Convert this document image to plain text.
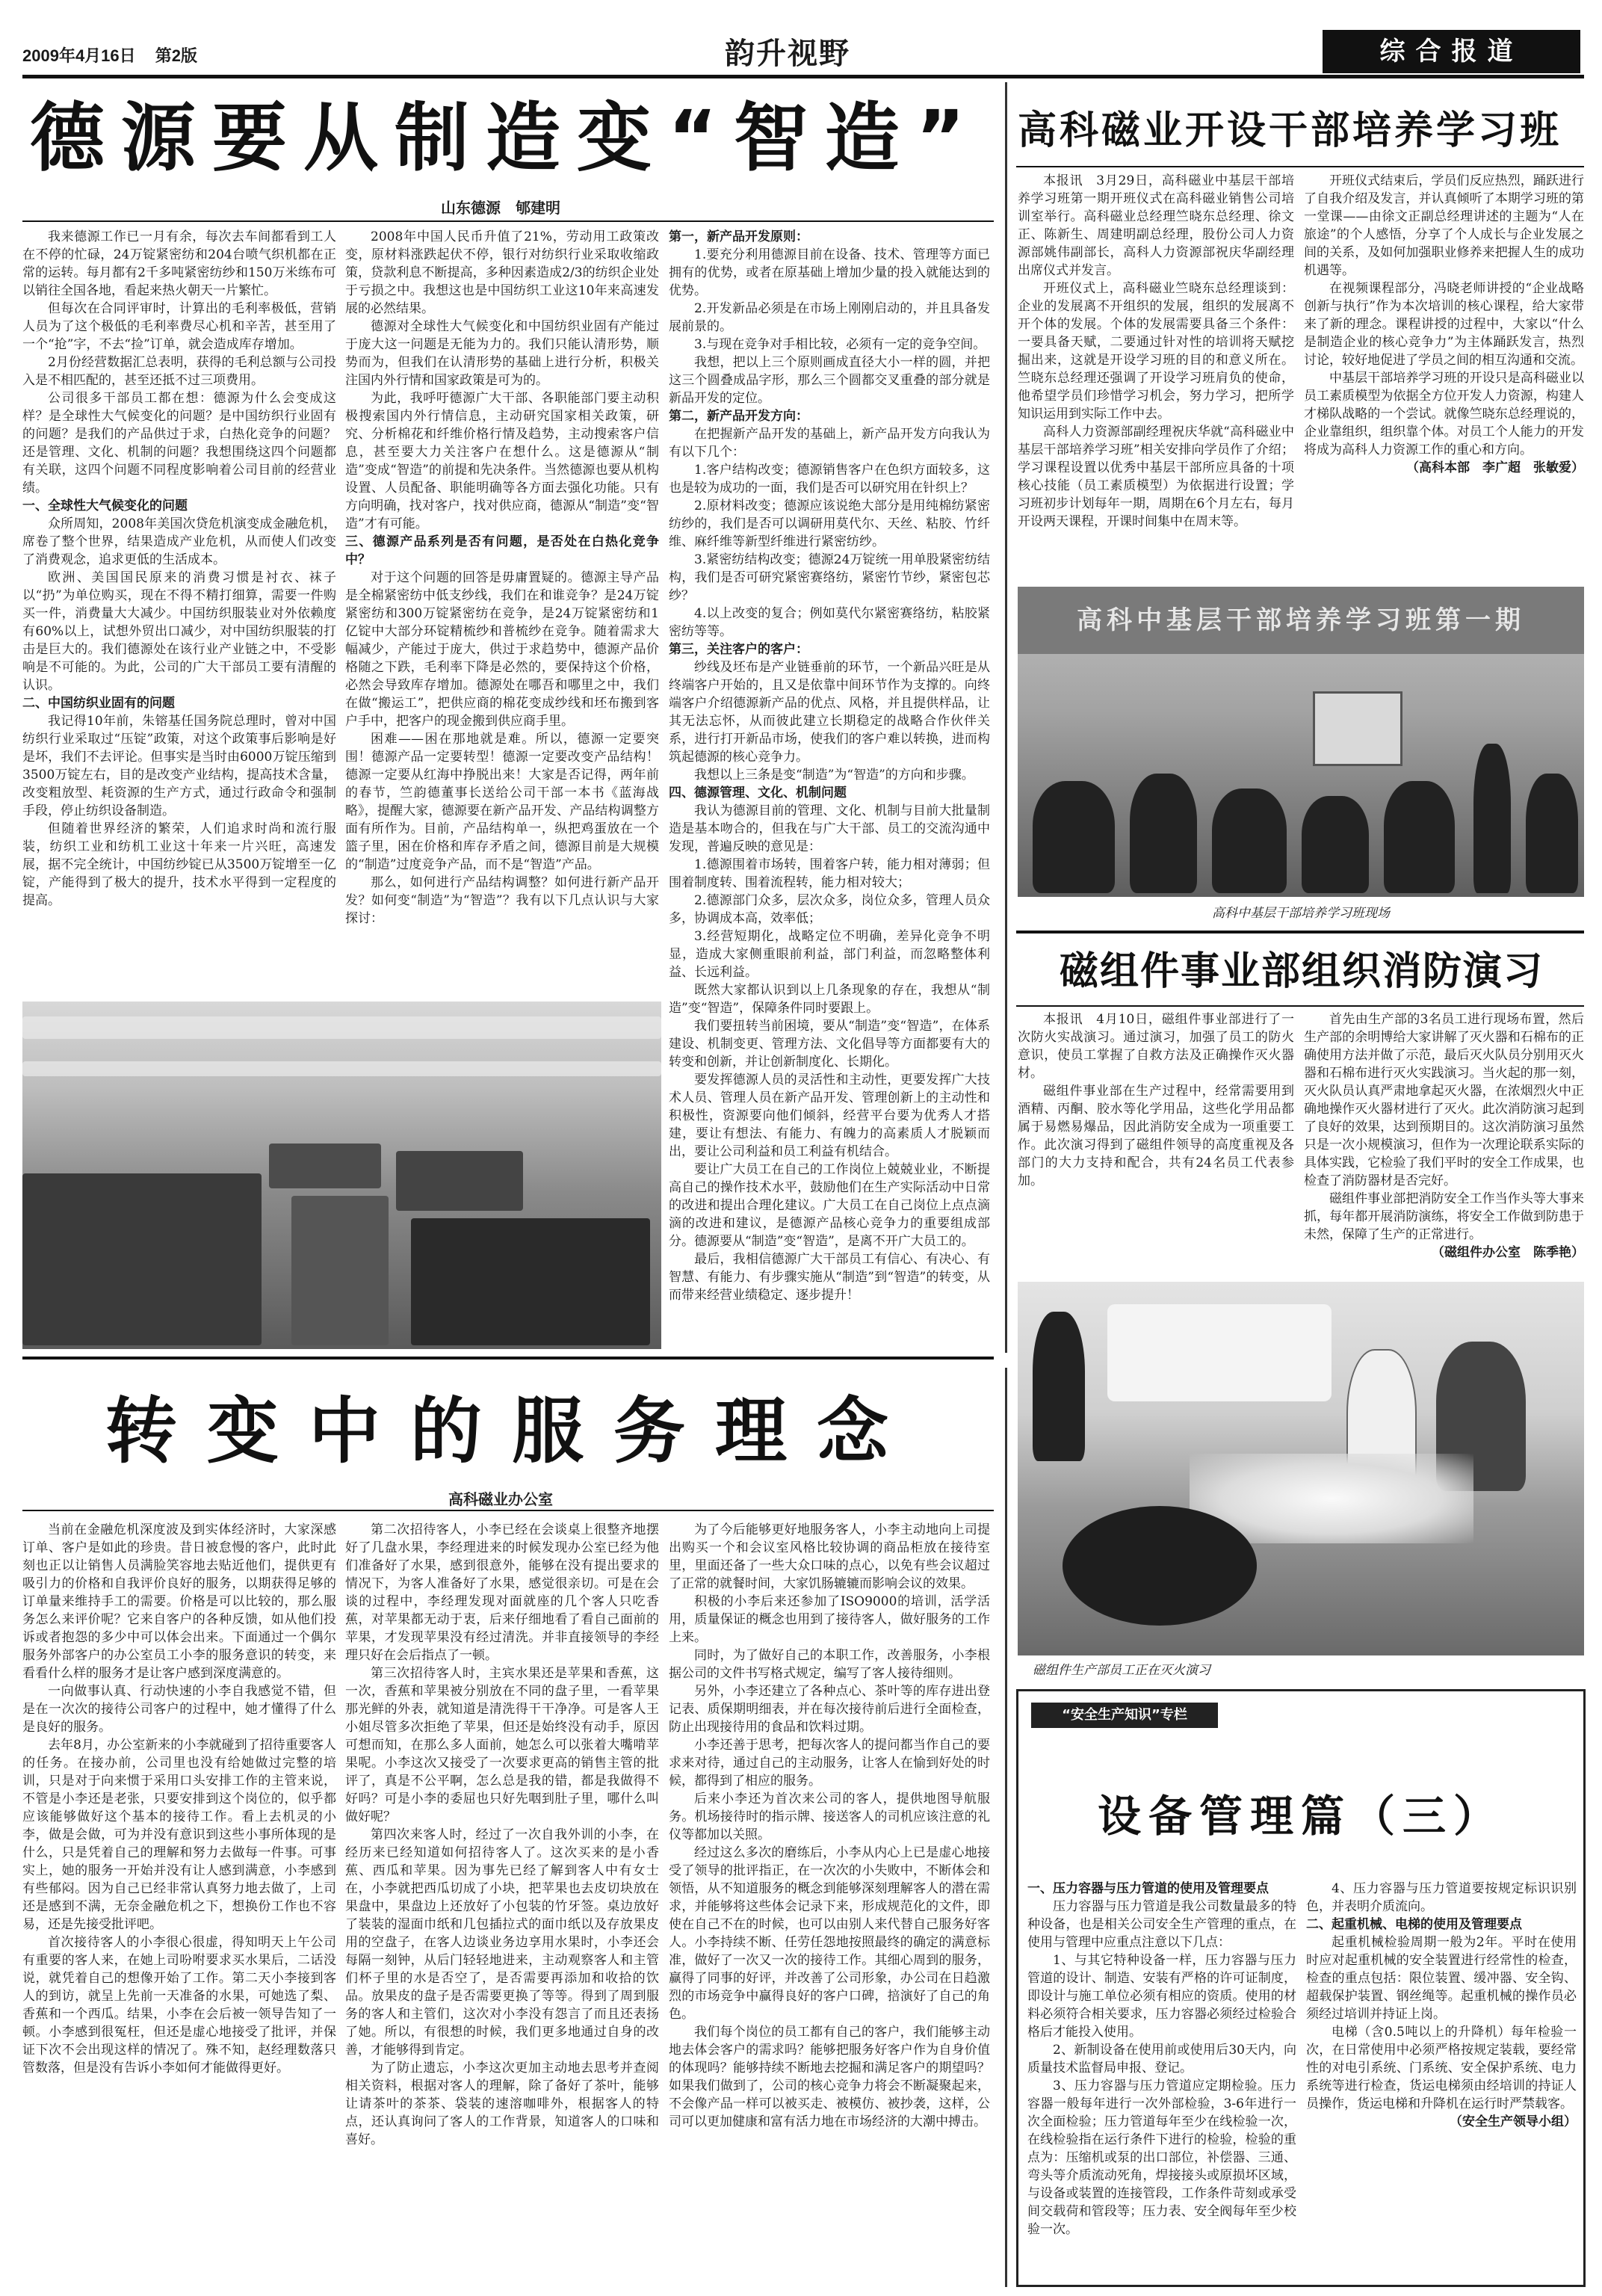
2009年4月16日 第2版	韵升视野	综合报道
德源要从制造变“智造”
山东德源　郇建明

我来德源工作已一月有余，每次去车间都看到工人在不停的忙碌，24万锭紧密纺和204台喷气织机都在正常的运转。每月都有2千多吨紧密纺纱和150万米练布可以销往全国各地，看起来热火朝天一片繁忙。

但每次在合同评审时，计算出的毛利率极低，营销人员为了这个极低的毛利率费尽心机和辛苦，甚至用了一个“抢”字，不去“捡”订单，就会造成库存增加。

2月份经营数据汇总表明，获得的毛利总额与公司投入是不相匹配的，甚至还抵不过三项费用。

公司很多干部员工都在想：德源为什么会变成这样？是全球性大气候变化的问题？是中国纺织行业固有的问题？是我们的产品供过于求，白热化竞争的问题？还是管理、文化、机制的问题？我想围绕这四个问题都有关联，这四个问题不同程度影响着公司目前的经营业绩。

一、全球性大气候变化的问题

众所周知，2008年美国次贷危机演变成金融危机，席卷了整个世界，结果造成产业危机，从而使人们改变了消费观念，追求更低的生活成本。

欧洲、美国国民原来的消费习惯是衬衣、袜子以“扔”为单位购买，现在不得不精打细算，需要一件购买一件，消费量大大减少。中国纺织服装业对外依赖度有60%以上，试想外贸出口减少，对中国纺织服装的打击是巨大的。我们德源处在该行业产业链之中，不受影响是不可能的。为此，公司的广大干部员工要有清醒的认识。

二、中国纺织业固有的问题

我记得10年前，朱镕基任国务院总理时，曾对中国纺织行业采取过“压锭”政策，对这个政策事后影响是好是坏，我们不去评论。但事实是当时由6000万锭压缩到3500万锭左右，目的是改变产业结构，提高技术含量，改变粗放型、耗资源的生产方式，通过行政命令和强制手段，停止纺织设备制造。

但随着世界经济的繁荣，人们追求时尚和流行服装，纺织工业和纺机工业这十年来一片兴旺，高速发展，据不完全统计，中国纺纱锭已从3500万锭增至一亿锭，产能得到了极大的提升，技术水平得到一定程度的提高。

2008年中国人民币升值了21%，劳动用工政策改变，原材料涨跌起伏不停，银行对纺织行业采取收缩政策，贷款利息不断提高，多种因素造成2/3的纺织企业处于亏损之中。我想这也是中国纺织工业这10年来高速发展的必然结果。

德源对全球性大气候变化和中国纺织业固有产能过于庞大这一问题是无能为力的。我们只能认清形势，顺势而为，但我们在认清形势的基础上进行分析，积极关注国内外行情和国家政策是可为的。

为此，我呼吁德源广大干部、各职能部门要主动积极搜索国内外行情信息，主动研究国家相关政策，研究、分析棉花和纤维价格行情及趋势，主动搜索客户信息，甚至要大力关注客户在想什么。这是德源从“制造”变成“智造”的前提和先决条件。当然德源也要从机构设置、人员配备、职能明确等各方面去强化功能。只有方向明确，找对客户，找对供应商，德源从“制造”变“智造”才有可能。

三、德源产品系列是否有问题，是否处在白热化竞争中？

对于这个问题的回答是毋庸置疑的。德源主导产品是全棉紧密纺中低支纱线，我们在和谁竞争？是24万锭紧密纺和300万锭紧密纺在竞争，是24万锭紧密纺和1亿锭中大部分环锭精梳纱和普梳纱在竞争。随着需求大幅减少，产能过于庞大，供过于求趋势中，德源产品价格随之下跌，毛利率下降是必然的，要保持这个价格，必然会导致库存增加。德源处在哪吾和哪里之中，我们在做“搬运工”，把供应商的棉花变成纱线和坯布搬到客户手中，把客户的现金搬到供应商手里。

困难——困在那地就是难。所以，德源一定要突围！德源产品一定要转型！德源一定要改变产品结构！德源一定要从红海中挣脱出来！大家是否记得，两年前的春节，竺韵德董事长送给公司干部一本书《蓝海战略》，提醒大家，德源要在新产品开发、产品结构调整方面有所作为。目前，产品结构单一，纵把鸡蛋放在一个篮子里，困在价格和库存矛盾之间，德源目前是大规模的“制造”过度竞争产品，而不是“智造”产品。

那么，如何进行产品结构调整？如何进行新产品开发？如何变“制造”为“智造”？我有以下几点认识与大家探讨：

第一，新产品开发原则：

1.要充分利用德源目前在设备、技术、管理等方面已拥有的优势，或者在原基础上增加少量的投入就能达到的优势。

2.开发新品必须是在市场上刚刚启动的，并且具备发展前景的。

3.与现在竞争对手相比较，必须有一定的竞争空间。

我想，把以上三个原则画成直径大小一样的圆，并把这三个圆叠成品字形，那么三个圆都交叉重叠的部分就是新品开发的定位。

第二，新产品开发方向：

在把握新产品开发的基础上，新产品开发方向我认为有以下几个：

1.客户结构改变；德源销售客户在色织方面较多，这也是较为成功的一面，我们是否可以研究用在针织上？

2.原材料改变；德源应该说绝大部分是用纯棉纺紧密纺纱的，我们是否可以调研用莫代尔、天丝、粘胶、竹纤维、麻纤维等新型纤维进行紧密纺纱。

3.紧密纺结构改变；德源24万锭统一用单股紧密纺结构，我们是否可研究紧密赛络纺，紧密竹节纱，紧密包芯纱？

4.以上改变的复合；例如莫代尔紧密赛络纺，粘胶紧密纺等等。

第三，关注客户的客户：

纱线及坯布是产业链垂前的环节，一个新品兴旺是从终端客户开始的，且又是依靠中间环节作为支撑的。向终端客户介绍德源新产品的优点、风格，并且提供样品，让其无法忘怀，从而彼此建立长期稳定的战略合作伙伴关系，进行打开新品市场，使我们的客户难以转换，进而构筑起德源的核心竞争力。

我想以上三条是变“制造”为“智造”的方向和步骤。

四、德源管理、文化、机制问题

我认为德源目前的管理、文化、机制与目前大批量制造是基本吻合的，但我在与广大干部、员工的交流沟通中发现，普遍反映的意见是：

1.德源围着市场转，围着客户转，能力相对薄弱；但围着制度转、围着流程转，能力相对较大；

2.德源部门众多，层次众多，岗位众多，管理人员众多，协调成本高，效率低；

3.经营短期化，战略定位不明确，差异化竞争不明显，造成大家侧重眼前利益，部门利益，而忽略整体利益、长远利益。

既然大家都认识到以上几条现象的存在，我想从“制造”变“智造”，保障条件同时要跟上。

我们要扭转当前困境，要从“制造”变“智造”，在体系建设、机制变更、管理方法、文化倡导等方面都要有大的转变和创新，并让创新制度化、长期化。

要发挥德源人员的灵活性和主动性，更要发挥广大技术人员、管理人员在新产品开发、管理创新上的主动性和积极性，资源要向他们倾斜，经营平台要为优秀人才搭建，要让有想法、有能力、有魄力的高素质人才脱颖而出，要让公司利益和员工利益有机结合。

要让广大员工在自己的工作岗位上兢兢业业，不断提高自己的操作技术水平，鼓励他们在生产实际活动中日常的改进和提出合理化建议。广大员工在自己岗位上点点滴滴的改进和建议，是德源产品核心竞争力的重要组成部分。德源要从“制造”变“智造”，是离不开广大员工的。

最后，我相信德源广大干部员工有信心、有决心、有智慧、有能力、有步骤实施从“制造”到“智造”的转变，从而带来经营业绩稳定、逐步提升！

高科磁业开设干部培养学习班

本报讯　3月29日，高科磁业中基层干部培养学习班第一期开班仪式在高科磁业销售公司培训室举行。高科磁业总经理竺晓东总经理、徐文正、陈新生、周建明副总经理，股份公司人力资源部姚伟副部长，高科人力资源部祝庆华副经理出席仪式并发言。

开班仪式上，高科磁业竺晓东总经理谈到：企业的发展离不开组织的发展，组织的发展离不开个体的发展。个体的发展需要具备三个条件：一要具备天赋，二要通过针对性的培训将天赋挖掘出来，这就是开设学习班的目的和意义所在。竺晓东总经理还强调了开设学习班肩负的使命，他希望学员们珍惜学习机会，努力学习，把所学知识运用到实际工作中去。

高科人力资源部副经理祝庆华就“高科磁业中基层干部培养学习班”相关安排向学员作了介绍；学习课程设置以优秀中基层干部所应具备的十项核心技能（员工素质模型）为依据进行设置；学习班初步计划每年一期，周期在6个月左右，每月开设两天课程，开课时间集中在周末等。

开班仪式结束后，学员们反应热烈，踊跃进行了自我介绍及发言，并认真倾听了本期学习班的第一堂课——由徐文正副总经理讲述的主题为“人在旅途”的个人感悟，分享了个人成长与企业发展之间的关系，及如何加强职业修养来把握人生的成功机遇等。

在视频课程部分，冯晓老师讲授的“企业战略创新与执行”作为本次培训的核心课程，给大家带来了新的理念。课程讲授的过程中，大家以“什么是制造企业的核心竞争力”为主体踊跃发言，热烈讨论，较好地促进了学员之间的相互沟通和交流。

中基层干部培养学习班的开设只是高科磁业以员工素质模型为依据全方位开发人力资源，构建人才梯队战略的一个尝试。就像竺晓东总经理说的，企业靠组织，组织靠个体。对员工个人能力的开发将成为高科人力资源工作的重心和方向。

（高科本部　李广超　张敏爱）

高科中基层干部培养学习班第一期
高科中基层干部培养学习班现场
磁组件事业部组织消防演习

本报讯　4月10日，磁组件事业部进行了一次防火实战演习。通过演习，加强了员工的防火意识，使员工掌握了自救方法及正确操作灭火器材。

磁组件事业部在生产过程中，经常需要用到酒精、丙酮、胶水等化学用品，这些化学用品都属于易燃易爆品，因此消防安全成为一项重要工作。此次演习得到了磁组件领导的高度重视及各部门的大力支持和配合，共有24名员工代表参加。

首先由生产部的3名员工进行现场布置，然后生产部的余明博给大家讲解了灭火器和石棉布的正确使用方法并做了示范，最后灭火队员分别用灭火器和石棉布进行灭火实践演习。当火起的那一刻，灭火队员认真严肃地拿起灭火器，在浓烟烈火中正确地操作灭火器材进行了灭火。此次消防演习起到了良好的效果，达到预期目的。这次消防演习虽然只是一次小规模演习，但作为一次理论联系实际的具体实践，它检验了我们平时的安全工作成果，也检查了消防器材是否完好。

磁组件事业部把消防安全工作当作头等大事来抓，每年都开展消防演练，将安全工作做到防患于未然，保障了生产的正常进行。

（磁组件办公室　陈季艳）

磁组件生产部员工正在灭火演习
“安全生产知识”专栏
设备管理篇（三）

一、压力容器与压力管道的使用及管理要点

压力容器与压力管道是我公司数量最多的特种设备，也是相关公司安全生产管理的重点，在使用与管理中应重点注意以下几点：

1、与其它特种设备一样，压力容器与压力管道的设计、制造、安装有严格的许可证制度，即设计与施工单位必须有相应的资质。使用的材料必须符合相关要求，压力容器必须经过检验合格后才能投入使用。

2、新制设备在使用前或使用后30天内，向质量技术监督局申报、登记。

3、压力容器与压力管道应定期检验。压力容器一般每年进行一次外部检验，3-6年进行一次全面检验；压力管道每年至少在线检验一次，在线检验指在运行条件下进行的检验，检验的重点为：压缩机或泵的出口部位，补偿器、三通、弯头等介质流动死角，焊接接头或原损坏区域，与设备或装置的连接管段，工作条件苛刻或承受间交载荷和管段等；压力表、安全阀每年至少校验一次。

4、压力容器与压力管道要按规定标识识别色，并表明介质流向。

二、起重机械、电梯的使用及管理要点

起重机械检验周期一般为2年。平时在使用时应对起重机械的安全装置进行经常性的检查，检查的重点包括：限位装置、缓冲器、安全钩、超载保护装置、钢丝绳等。起重机械的操作员必须经过培训并持证上岗。

电梯（含0.5吨以上的升降机）每年检验一次，在日常使用中必须严格按规定装载，要经常性的对电引系统、门系统、安全保护系统、电力系统等进行检查，货运电梯须由经培训的持证人员操作，货运电梯和升降机在运行时严禁载客。

（安全生产领导小组）

转变中的服务理念
高科磁业办公室

当前在金融危机深度波及到实体经济时，大家深感订单、客户是如此的珍贵。昔日被怠慢的客户，此时此刻也正以让销售人员满脸笑容地去贴近他们，提供更有吸引力的价格和自我评价良好的服务，以期获得足够的订单量来维持手工的需要。价格是可以比较的，那么服务怎么来评价呢？它来自客户的各种反馈，如从他们投诉或者抱怨的多少中可以体会出来。下面通过一个偶尔服务外部客户的办公室员工小李的服务意识的转变，来看看什么样的服务才是让客户感到深度满意的。

一向做事认真、行动快速的小李自我感觉不错，但是在一次次的接待公司客户的过程中，她才懂得了什么是良好的服务。

去年8月，办公室新来的小李就碰到了招待重要客人的任务。在接办前，公司里也没有给她做过完整的培训，只是对于向来惯于采用口头安排工作的主管来说，不管是小李还是老张，只要安排到这个岗位的，似乎都应该能够做好这个基本的接待工作。看上去机灵的小李，做是会做，可为并没有意识到这些小事所体现的是什么，只是凭着自己的理解和努力去做每一件事。可事实上，她的服务一开始并没有让人感到满意，小李感到有些郁闷。因为自己已经非常认真努力地去做了，上司还是感到不满，无奈金融危机之下，想换份工作也不容易，还是先接受批评吧。

首次接待客人的小李很心很虚，得知明天上午公司有重要的客人来，在她上司吩咐要求买水果后，二话没说，就凭着自己的想像开始了工作。第二天小李接到客人的到访，就呈上先前一天准备的水果，可她选了梨、香蕉和一个西瓜。结果，小李在会后被一领导告知了一顿。小李感到很冤枉，但还是虚心地接受了批评，并保证下次不会出现这样的情况了。殊不知，赵经理数落只管数落，但是没有告诉小李如何才能做得更好。

第二次招待客人，小李已经在会谈桌上很整齐地摆好了几盘水果，李经理进来的时候发现办公室已经为他们准备好了水果，感到很意外，能够在没有提出要求的情况下，为客人准备好了水果，感觉很亲切。可是在会谈的过程中，李经理发现对面就座的几个客人只吃香蕉，对苹果都无动于衷，后来仔细地看了看自己面前的苹果，才发现苹果没有经过清洗。并非直接领导的李经理只好在会后指点了一顿。

第三次招待客人时，主宾水果还是苹果和香蕉，这一次，香蕉和苹果被分别放在不同的盘子里，一看苹果那光鲜的外表，就知道是清洗得干干净净。可是客人王小姐尽管多次拒绝了苹果，但还是始终没有动手，原因可想而知，在那么多人面前，她怎么可以张着大嘴啃苹果呢。小李这次又接受了一次要求更高的销售主管的批评了，真是不公平啊，怎么总是我的错，都是我做得不好吗？可是小李的委屈也只好先咽到肚子里，哪什么叫做好呢？

第四次来客人时，经过了一次自我外训的小李，在经历来已经知道如何招待客人了。这次买来的是小香蕉、西瓜和苹果。因为事先已经了解到客人中有女士在，小李就把西瓜切成了小块，把苹果也去皮切块放在果盘中，果盘边上还放好了小包装的竹牙签。桌边放好了装装的湿面巾纸和几包插拉式的面巾纸以及存放果皮用的空盘子，在客人边谈业务边享用水果时，小李还会每隔一刻钟，从后门轻轻地进来，主动观察客人和主管们杯子里的水是否空了，是否需要再添加和收拾的饮品。放果皮的盘子是否需要更换了等等。得到了周到服务的客人和主管们，这次对小李没有怨言了而且还表扬了她。所以，有很想的时候，我们更多地通过自身的改善，才能够得到肯定。

为了防止遗忘，小李这次更加主动地去思考并查阅相关资料，根据对客人的理解，除了备好了茶叶，能够让请茶叶的茶茶、袋装的速溶咖啡外，根据客人的特点，还认真询问了客人的工作背景，知道客人的口味和喜好。

为了今后能够更好地服务客人，小李主动地向上司提出购买一个和会议室风格比较协调的商品柜放在接待室里，里面还备了一些大众口味的点心，以免有些会议超过了正常的就餐时间，大家饥肠辘辘而影响会议的效果。

积极的小李后来还参加了ISO9000的培训，活学活用，质量保证的概念也用到了接待客人，做好服务的工作上来。

同时，为了做好自己的本职工作，改善服务，小李根据公司的文件书写格式规定，编写了客人接待细则。

另外，小李还建立了各种点心、茶叶等的库存进出登记表、质保期明细表，并在每次接待前后进行全面检查，防止出现接待用的食品和饮料过期。

小李还善于思考，把每次客人的提问都当作自己的要求来对待，通过自己的主动服务，让客人在愉到好处的时候，都得到了相应的服务。

后来小李还为首次来公司的客人，提供地图导航服务。机场接待时的指示牌、接送客人的司机应该注意的礼仪等都加以关照。

经过这么多次的磨练后，小李从内心上已是虚心地接受了领导的批评指正，在一次次的小失败中，不断体会和领悟，从不知道服务的概念到能够深刻理解客人的潜在需求，并能够将这些体会记录下来，形成规范化的文件，即使在自己不在的时候，也可以由别人来代替自己服务好客人。小李持续不断、任劳任怨地按照最终的确定的满意标准，做好了一次又一次的接待工作。其细心周到的服务，赢得了同事的好评，并改善了公司形象，办公司在日趋激烈的市场竞争中赢得良好的客户口碑，掊演好了自己的角色。

我们每个岗位的员工都有自己的客户，我们能够主动地去体会客户的需求吗？能够把服务好客户作为自身价值的体现吗？能够持续不断地去挖掘和满足客户的期望吗？如果我们做到了，公司的核心竞争力将会不断凝聚起来，不会像产品一样可以被买走、被模仿、被抄袭，这样，公司可以更加健康和富有活力地在市场经济的大潮中搏击。
